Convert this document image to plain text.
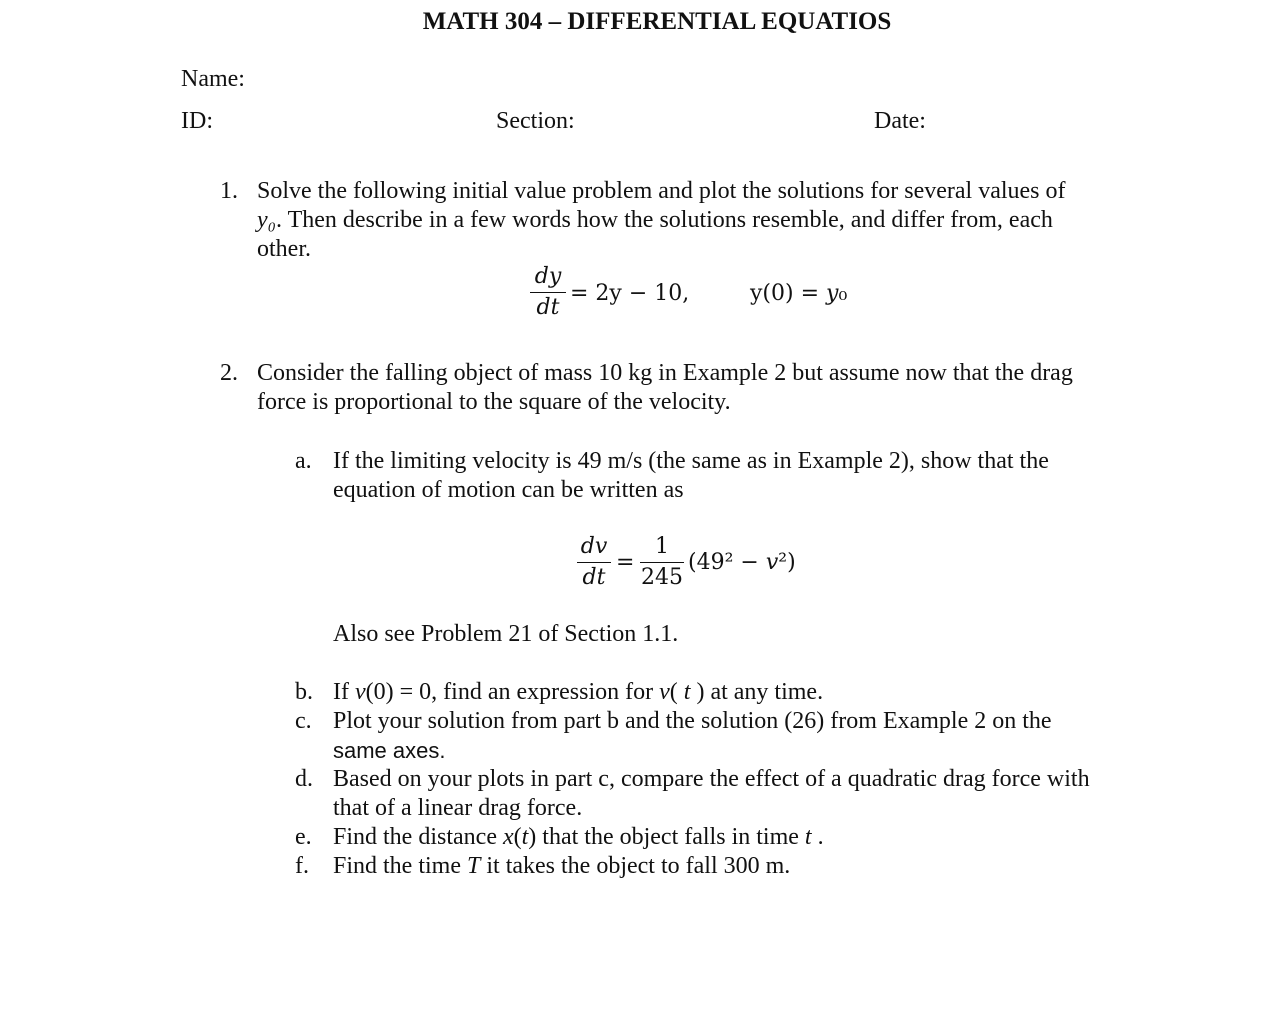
MATH 304 – DIFFERENTIAL EQUATIOS
Name:
ID:	Section:	Date:
1. Solve the following initial value problem and plot the solutions for several values of
y₀. Then describe in a few words how the solutions resemble, and differ from, each
other.
dy
dt
= 2y − 10,	y(0) = 𝑦₀
2. Consider the falling object of mass 10 kg in Example 2 but assume now that the drag
force is proportional to the square of the velocity.
a. If the limiting velocity is 49 m/s (the same as in Example 2), show that the
equation of motion can be written as
dv
dt
=
1
245
(49² − 𝑣²)
Also see Problem 21 of Section 1.1.
b. If v(0) = 0, find an expression for v( t ) at any time.
c. Plot your solution from part b and the solution (26) from Example 2 on the
same axes.
d. Based on your plots in part c, compare the effect of a quadratic drag force with
that of a linear drag force.
e. Find the distance x(t) that the object falls in time t .
f. Find the time T it takes the object to fall 300 m.
